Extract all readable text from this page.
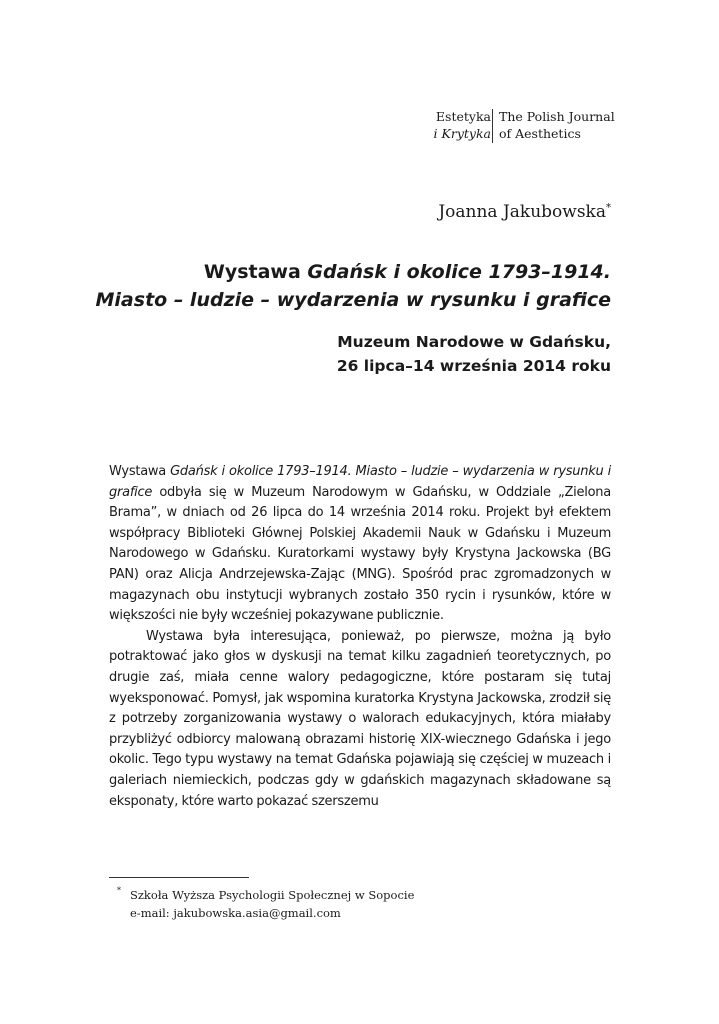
Estetyka
i Krytyka
The Polish Journal
of Aesthetics
Joanna Jakubowska*
Wystawa Gdańsk i okolice 1793–1914.
Miasto – ludzie – wydarzenia w rysunku i grafice
Muzeum Narodowe w Gdańsku,
26 lipca–14 września 2014 roku

Wystawa Gdańsk i okolice 1793–1914. Miasto – ludzie – wydarzenia w rysunku i grafice odbyła się w Muzeum Narodowym w Gdańsku, w Oddziale „Zielona Brama”, w dniach od 26 lipca do 14 września 2014 roku. Projekt był efektem współpracy Biblioteki Głównej Polskiej Akademii Nauk w Gdańsku i Muzeum Narodowego w Gdańsku. Kuratorkami wystawy były Krystyna Jackowska (BG PAN) oraz Alicja Andrzejewska-Zając (MNG). Spośród prac zgromadzonych w magazynach obu instytucji wybranych zostało 350 rycin i rysunków, które w większości nie były wcześniej pokazywane publicznie.

Wystawa była interesująca, ponieważ, po pierwsze, można ją było potraktować jako głos w dyskusji na temat kilku zagadnień teoretycznych, po drugie zaś, miała cenne walory pedagogiczne, które postaram się tutaj wyeksponować. Pomysł, jak wspomina kuratorka Krystyna Jackowska, zrodził się z potrzeby zorganizowania wystawy o walorach edukacyjnych, która miałaby przybliżyć odbiorcy malowaną obrazami historię XIX-wiecznego Gdańska i jego okolic. Tego typu wystawy na temat Gdańska pojawiają się częściej w muzeach i galeriach niemieckich, podczas gdy w gdańskich magazynach składowane są eksponaty, które warto pokazać szerszemu

* Szkoła Wyższa Psychologii Społecznej w Sopocie
e-mail: jakubowska.asia@gmail.com
